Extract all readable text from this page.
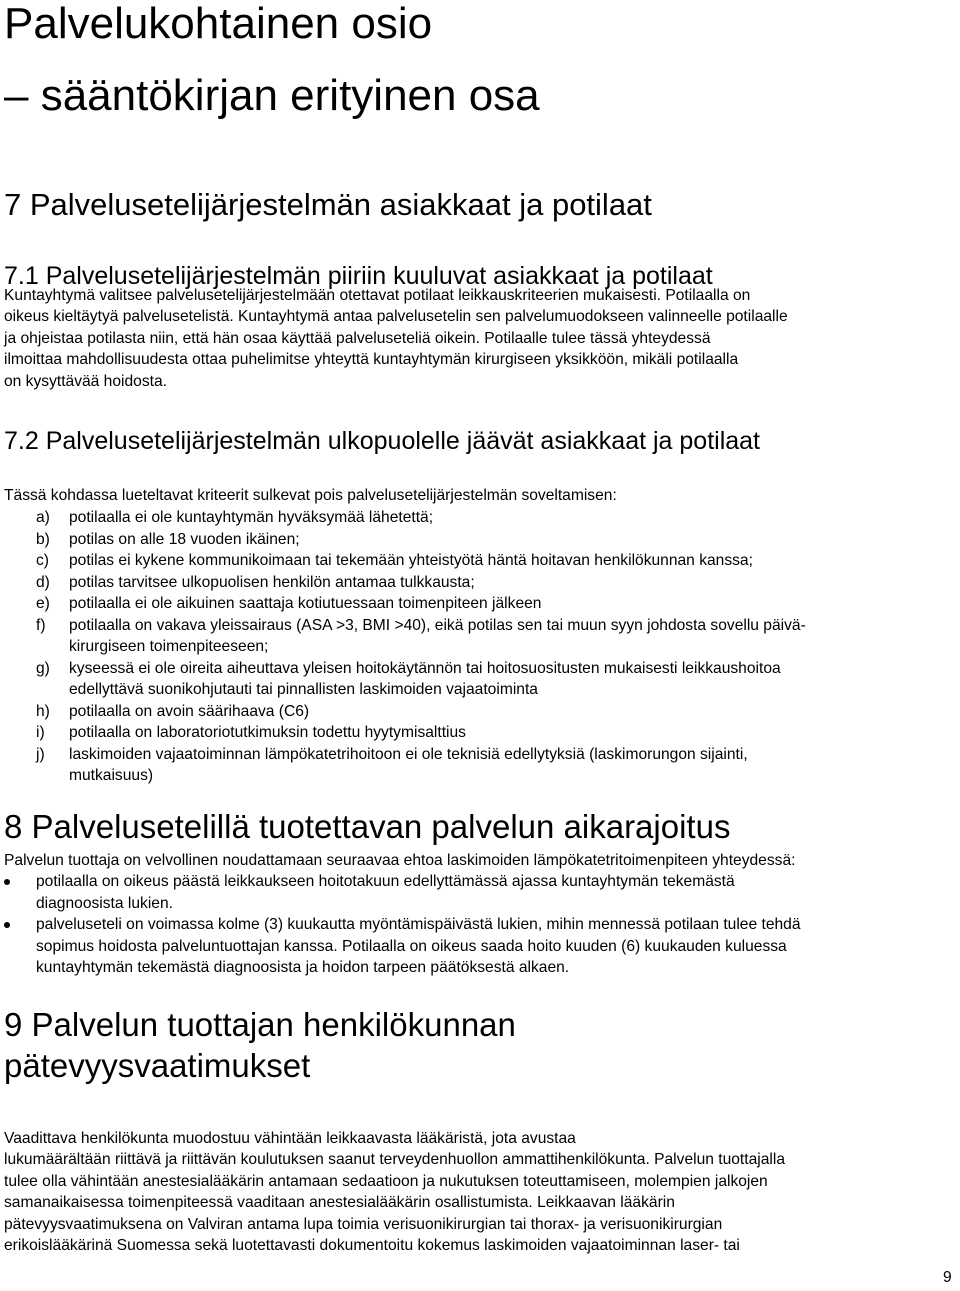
Palvelukohtainen osio
– sääntökirjan erityinen osa
7 Palvelusetelijärjestelmän asiakkaat ja potilaat
7.1 Palvelusetelijärjestelmän piiriin kuuluvat asiakkaat ja potilaat
Kuntayhtymä valitsee palvelusetelijärjestelmään otettavat potilaat leikkauskriteerien mukaisesti. Potilaalla on
oikeus kieltäytyä palvelusetelistä. Kuntayhtymä antaa palvelusetelin sen palvelumuodokseen valinneelle potilaalle
ja ohjeistaa potilasta niin, että hän osaa käyttää palveluseteliä oikein. Potilaalle tulee tässä yhteydessä
ilmoittaa mahdollisuudesta ottaa puhelimitse yhteyttä kuntayhtymän kirurgiseen yksikköön, mikäli potilaalla
on kysyttävää hoidosta.
7.2 Palvelusetelijärjestelmän ulkopuolelle jäävät asiakkaat ja potilaat
Tässä kohdassa lueteltavat kriteerit sulkevat pois palvelusetelijärjestelmän soveltamisen:
a) potilaalla ei ole kuntayhtymän hyväksymää lähetettä;
b) potilas on alle 18 vuoden ikäinen;
c) potilas ei kykene kommunikoimaan tai tekemään yhteistyötä häntä hoitavan henkilökunnan kanssa;
d) potilas tarvitsee ulkopuolisen henkilön antamaa tulkkausta;
e) potilaalla ei ole aikuinen saattaja kotiutuessaan toimenpiteen jälkeen
f) potilaalla on vakava yleissairaus (ASA >3, BMI >40), eikä potilas sen tai muun syyn johdosta sovellu päivä-
kirurgiseen toimenpiteeseen;
g) kyseessä ei ole oireita aiheuttava yleisen hoitokäytännön tai hoitosuositusten mukaisesti leikkaushoitoa
edellyttävä suonikohjutauti tai pinnallisten laskimoiden vajaatoiminta
h) potilaalla on avoin säärihaava (C6)
i) potilaalla on laboratoriotutkimuksin todettu hyytymisalttius
j) laskimoiden vajaatoiminnan lämpökatetrihoitoon ei ole teknisiä edellytyksiä (laskimorungon sijainti,
mutkaisuus)
8 Palvelusetelillä tuotettavan palvelun aikarajoitus
Palvelun tuottaja on velvollinen noudattamaan seuraavaa ehtoa laskimoiden lämpökatetritoimenpiteen yhteydessä:
potilaalla on oikeus päästä leikkaukseen hoitotakuun edellyttämässä ajassa kuntayhtymän tekemästä
diagnoosista lukien.
palveluseteli on voimassa kolme (3) kuukautta myöntämispäivästä lukien, mihin mennessä potilaan tulee tehdä
sopimus hoidosta palveluntuottajan kanssa. Potilaalla on oikeus saada hoito kuuden (6) kuukauden kuluessa
kuntayhtymän tekemästä diagnoosista ja hoidon tarpeen päätöksestä alkaen.
9 Palvelun tuottajan henkilökunnan
pätevyysvaatimukset
Vaadittava henkilökunta muodostuu vähintään leikkaavasta lääkäristä, jota avustaa
lukumäärältään riittävä ja riittävän koulutuksen saanut terveydenhuollon ammattihenkilökunta. Palvelun tuottajalla
tulee olla vähintään anestesialääkärin antamaan sedaatioon ja nukutuksen toteuttamiseen, molempien jalkojen
samanaikaisessa toimenpiteessä vaaditaan anestesialääkärin osallistumista. Leikkaavan lääkärin
pätevyysvaatimuksena on Valviran antama lupa toimia verisuonikirurgian tai thorax- ja verisuonikirurgian
erikoislääkärinä Suomessa sekä luotettavasti dokumentoitu kokemus laskimoiden vajaatoiminnan laser- tai
9
